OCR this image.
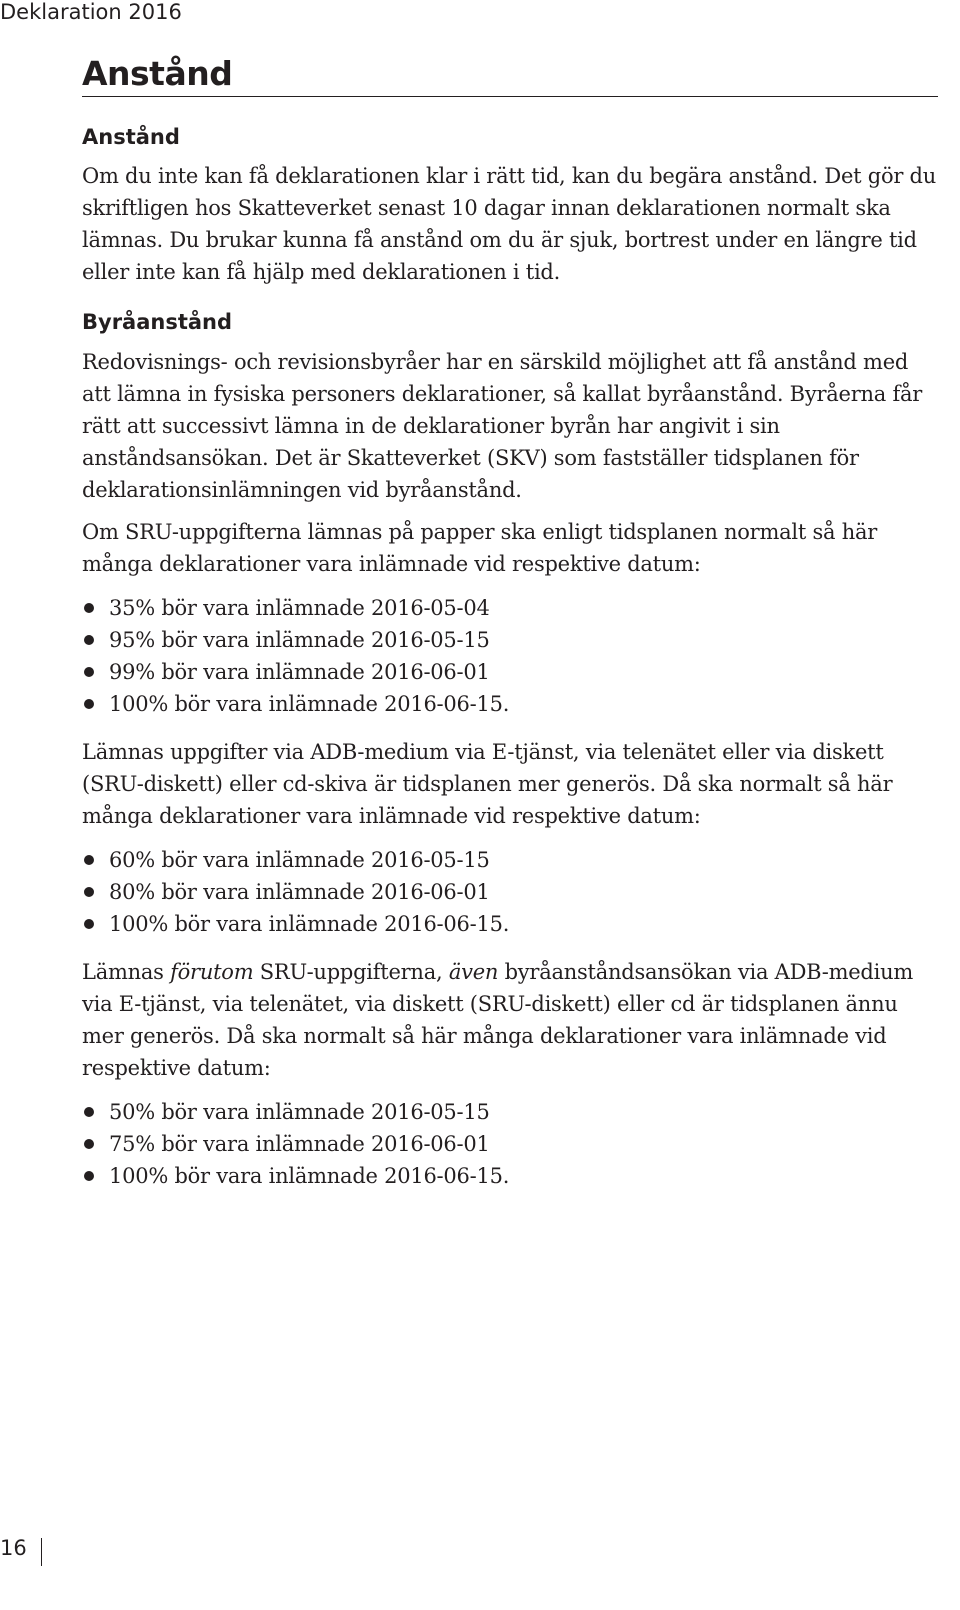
Deklaration 2016
Anstånd
Anstånd

Om du inte kan få deklarationen klar i rätt tid, kan du begära anstånd. Det gör du skriftligen hos Skatteverket senast 10 dagar innan deklarationen normalt ska lämnas. Du brukar kunna få anstånd om du är sjuk, bortrest under en längre tid eller inte kan få hjälp med deklarationen i tid.

Byråanstånd

Redovisnings- och revisionsbyråer har en särskild möjlighet att få anstånd med att lämna in fysiska personers deklarationer, så kallat byråanstånd. Byråerna får rätt att successivt lämna in de deklarationer byrån har angivit i sin anståndsansökan. Det är Skatteverket (SKV) som fastställer tidsplanen för deklarationsinlämningen vid byråanstånd.

Om SRU-uppgifterna lämnas på papper ska enligt tidsplanen normalt så här många deklarationer vara inlämnade vid respektive datum:

35% bör vara inlämnade 2016-05-04
95% bör vara inlämnade 2016-05-15
99% bör vara inlämnade 2016-06-01
100% bör vara inlämnade 2016-06-15.

Lämnas uppgifter via ADB-medium via E-tjänst, via telenätet eller via diskett (SRU-diskett) eller cd-skiva är tidsplanen mer generös. Då ska normalt så här många deklarationer vara inlämnade vid respektive datum:

60% bör vara inlämnade 2016-05-15
80% bör vara inlämnade 2016-06-01
100% bör vara inlämnade 2016-06-15.

Lämnas förutom SRU-uppgifterna, även byråanståndsansökan via ADB-medium via E-tjänst, via telenätet, via diskett (SRU-diskett) eller cd är tidsplanen ännu mer generös. Då ska normalt så här många deklarationer vara inlämnade vid respektive datum:

50% bör vara inlämnade 2016-05-15
75% bör vara inlämnade 2016-06-01
100% bör vara inlämnade 2016-06-15.
16
